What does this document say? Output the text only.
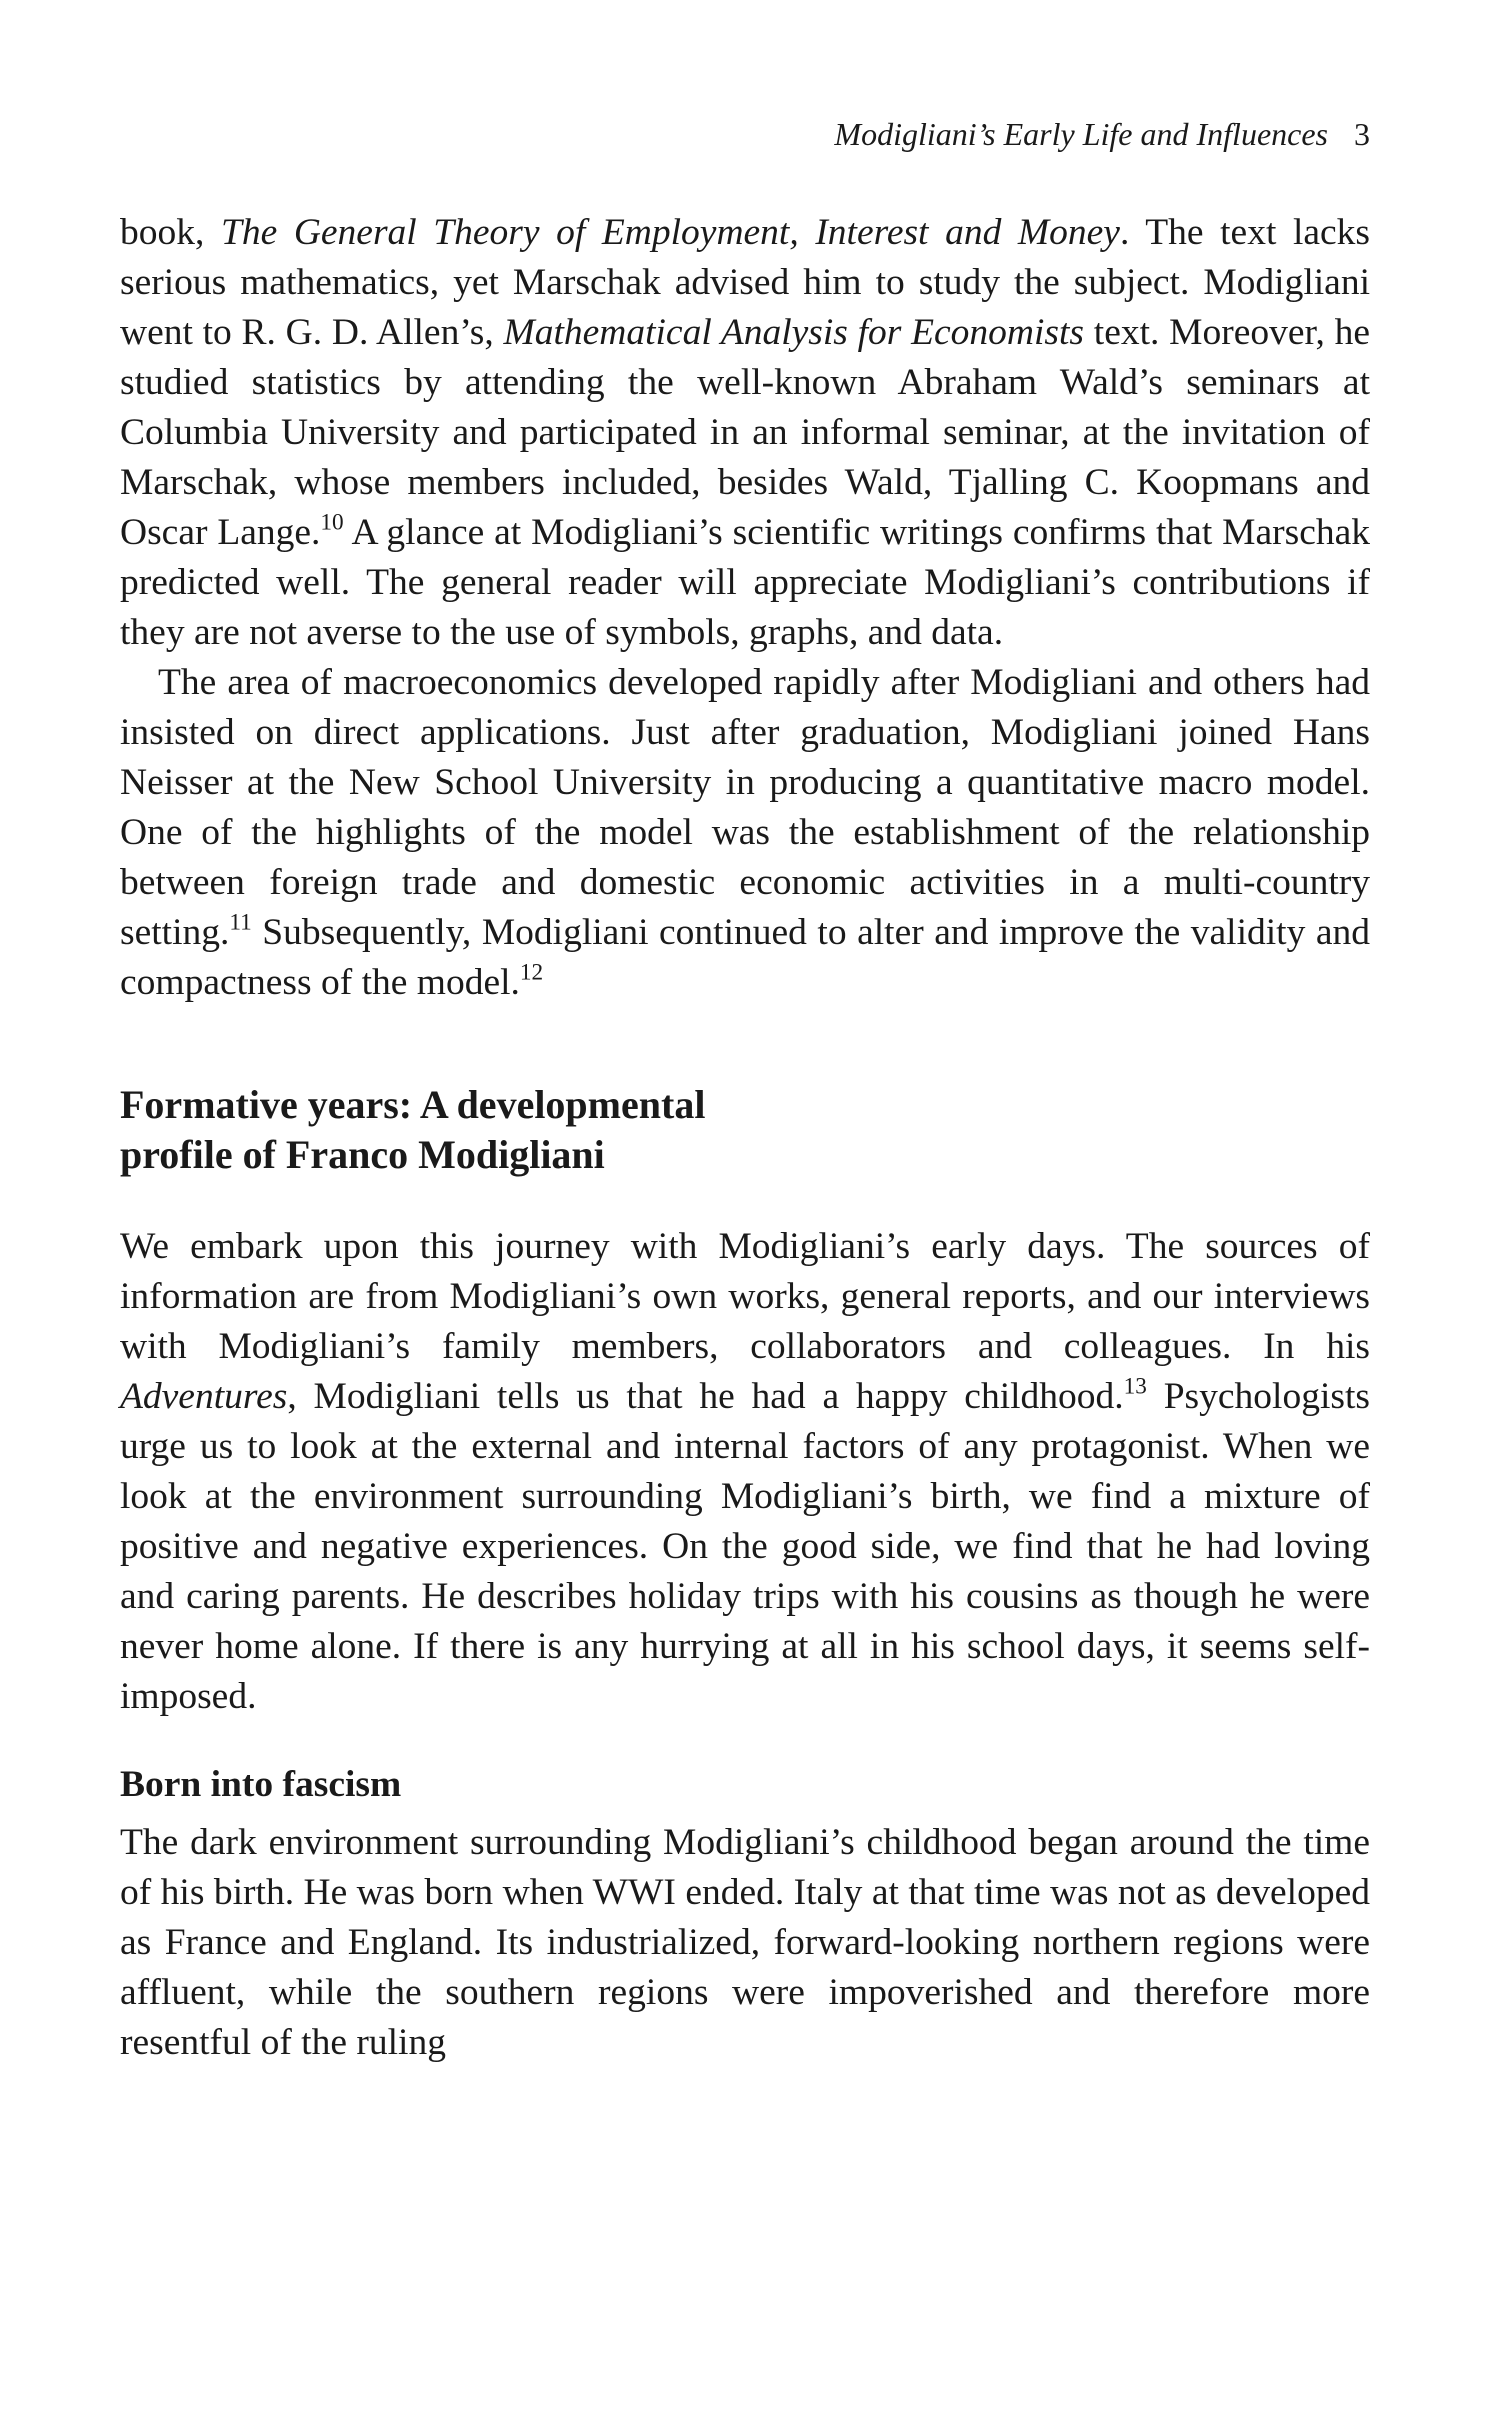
Modigliani’s Early Life and Influences 3

book, The General Theory of Employment, Interest and Money. The text lacks serious mathematics, yet Marschak advised him to study the subject. Modigliani went to R. G. D. Allen’s, Mathematical Analysis for Economists text. Moreover, he studied statistics by attending the well-known Abraham Wald’s seminars at Columbia University and participated in an informal seminar, at the invitation of Marschak, whose members included, besides Wald, Tjalling C. Koopmans and Oscar Lange.$^{10}$ A glance at Modigliani’s scientific writings confirms that Marschak predicted well. The general reader will appreciate Modigliani’s contributions if they are not averse to the use of symbols, graphs, and data.

The area of macroeconomics developed rapidly after Modigliani and others had insisted on direct applications. Just after graduation, Modigliani joined Hans Neisser at the New School University in producing a quantitative macro model. One of the highlights of the model was the establishment of the relationship between foreign trade and domestic economic activities in a multi-country setting.$^{11}$ Subsequently, Modigliani continued to alter and improve the validity and compactness of the model.$^{12}$

Formative years: A developmental
profile of Franco Modigliani

We embark upon this journey with Modigliani’s early days. The sources of information are from Modigliani’s own works, general reports, and our interviews with Modigliani’s family members, collaborators and colleagues. In his Adventures, Modigliani tells us that he had a happy childhood.$^{13}$ Psychologists urge us to look at the external and internal factors of any protagonist. When we look at the environment surrounding Modigliani’s birth, we find a mixture of positive and negative experiences. On the good side, we find that he had loving and caring parents. He describes holiday trips with his cousins as though he were never home alone. If there is any hurrying at all in his school days, it seems self-imposed.

Born into fascism

The dark environment surrounding Modigliani’s childhood began around the time of his birth. He was born when WWI ended. Italy at that time was not as developed as France and England. Its industrialized, forward-looking northern regions were affluent, while the southern regions were impoverished and therefore more resentful of the ruling
